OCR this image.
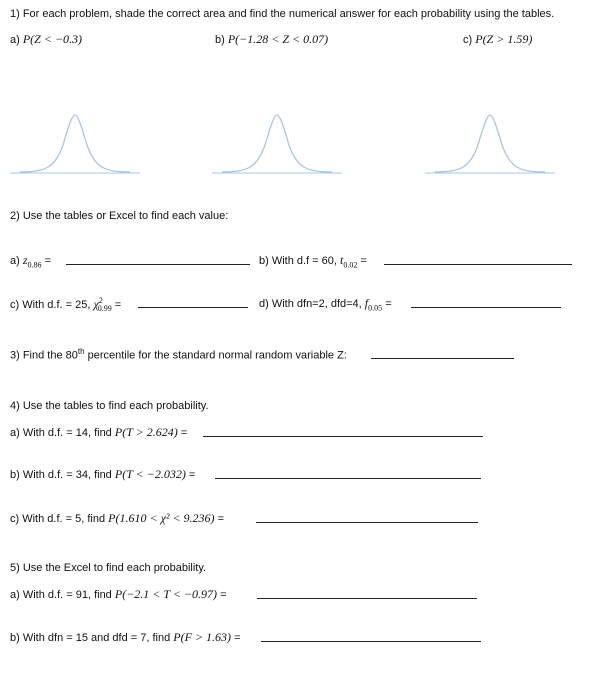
1) For each problem, shade the correct area and find the numerical answer for each probability using the tables.
a) P(Z < −0.3)	b) P(−1.28 < Z < 0.07)	c) P(Z > 1.59)
2) Use the tables or Excel to find each value:
a) $z_{0.86}$ =	b) With d.f = 60, $t_{0.02}$ =
c) With d.f. = 25, $\chi^2_{0.99}$ =	d) With dfn=2, dfd=4, $f_{0.05}$ =
3) Find the 80th percentile for the standard normal random variable Z:
4) Use the tables to find each probability.
a) With d.f. = 14, find P(T > 2.624) =
b) With d.f. = 34, find P(T < −2.032) =
c) With d.f. = 5, find P(1.610 < χ² < 9.236) =
5) Use the Excel to find each probability.
a) With d.f. = 91, find P(−2.1 < T < −0.97) =
b) With dfn = 15 and dfd = 7, find P(F > 1.63) =
